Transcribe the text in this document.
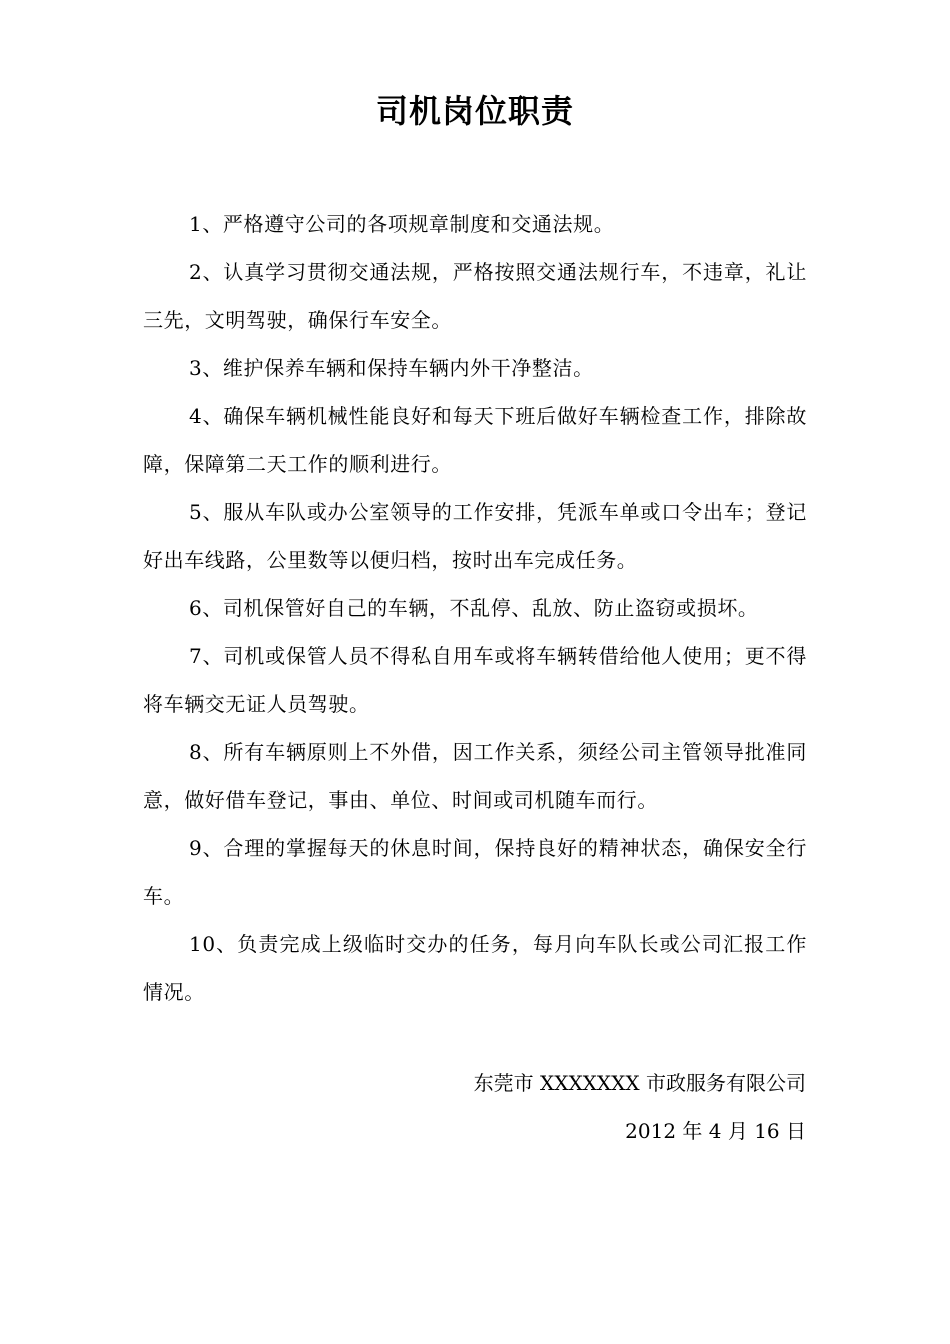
司机岗位职责

1、严格遵守公司的各项规章制度和交通法规。

2、认真学习贯彻交通法规，严格按照交通法规行车，不违章，礼让三先，文明驾驶，确保行车安全。

3、维护保养车辆和保持车辆内外干净整洁。

4、确保车辆机械性能良好和每天下班后做好车辆检查工作，排除故障，保障第二天工作的顺利进行。

5、服从车队或办公室领导的工作安排，凭派车单或口令出车；登记好出车线路，公里数等以便归档，按时出车完成任务。

6、司机保管好自己的车辆，不乱停、乱放、防止盗窃或损坏。

7、司机或保管人员不得私自用车或将车辆转借给他人使用；更不得将车辆交无证人员驾驶。

8、所有车辆原则上不外借，因工作关系，须经公司主管领导批准同意，做好借车登记，事由、单位、时间或司机随车而行。

9、合理的掌握每天的休息时间，保持良好的精神状态，确保安全行车。

10、负责完成上级临时交办的任务，每月向车队长或公司汇报工作情况。

东莞市 XXXXXXX 市政服务有限公司
2012 年 4 月 16 日
